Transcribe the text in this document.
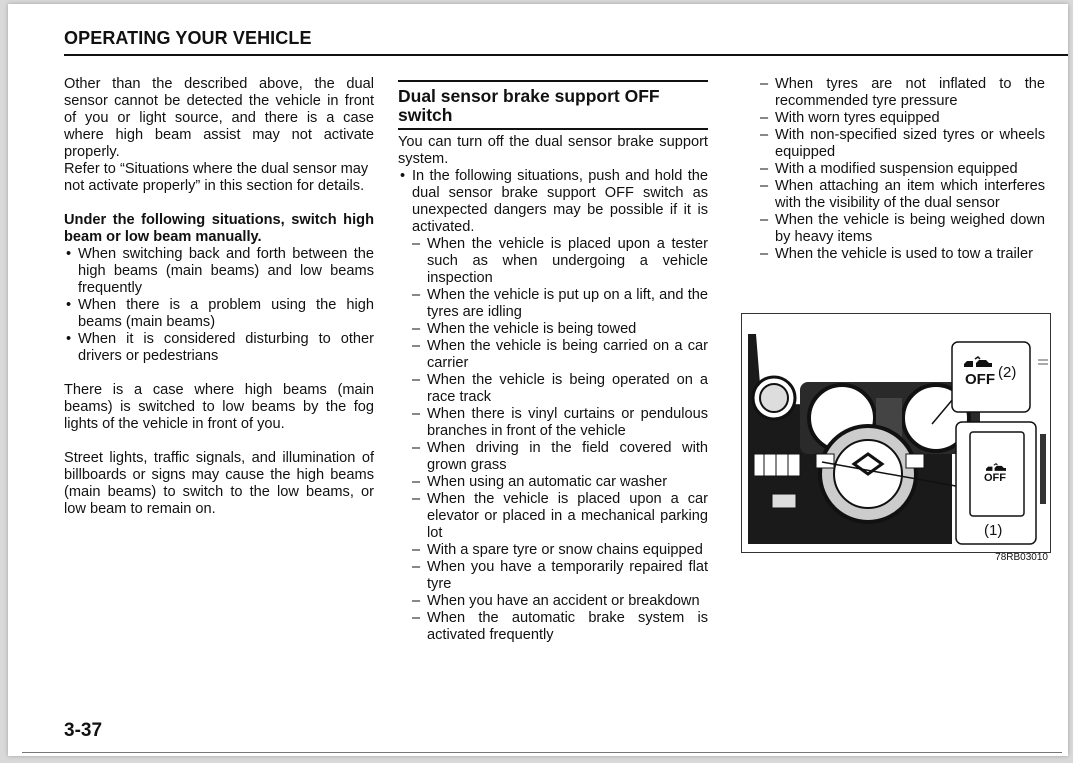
OPERATING YOUR VEHICLE

Other than the described above, the dual sensor cannot be detected the vehicle in front of you or light source, and there is a case where high beam assist may not activate properly.

Refer to “Situations where the dual sensor may not activate properly” in this section for details.

Under the following situations, switch high beam or low beam manually.

• When switching back and forth between the high beams (main beams) and low beams frequently
• When there is a problem using the high beams (main beams)
• When it is considered disturbing to other drivers or pedestrians

There is a case where high beams (main beams) is switched to low beams by the fog lights of the vehicle in front of you.

Street lights, traffic signals, and illumination of billboards or signs may cause the high beams (main beams) to switch to the low beams, or low beam to remain on.

Dual sensor brake support OFF switch

You can turn off the dual sensor brake support system.

• In the following situations, push and hold the dual sensor brake support OFF switch as unexpected dangers may be possible if it is activated.
– When the vehicle is placed upon a tester such as when undergoing a vehicle inspection
– When the vehicle is put up on a lift, and the tyres are idling
– When the vehicle is being towed
– When the vehicle is being carried on a car carrier
– When the vehicle is being operated on a race track
– When there is vinyl curtains or pendulous branches in front of the vehicle
– When driving in the field covered with grown grass
– When using an automatic car washer
– When the vehicle is placed upon a car elevator or placed in a mechanical parking lot
– With a spare tyre or snow chains equipped
– When you have a temporarily repaired flat tyre
– When you have an accident or breakdown
– When the automatic brake system is activated frequently
– When tyres are not inflated to the recommended tyre pressure
– With worn tyres equipped
– With non-specified sized tyres or wheels equipped
– With a modified suspension equipped
– When attaching an item which interferes with the visibility of the dual sensor
– When the vehicle is being weighed down by heavy items
– When the vehicle is used to tow a trailer
OFF (2)
OFF
(1)
78RB03010
3-37
